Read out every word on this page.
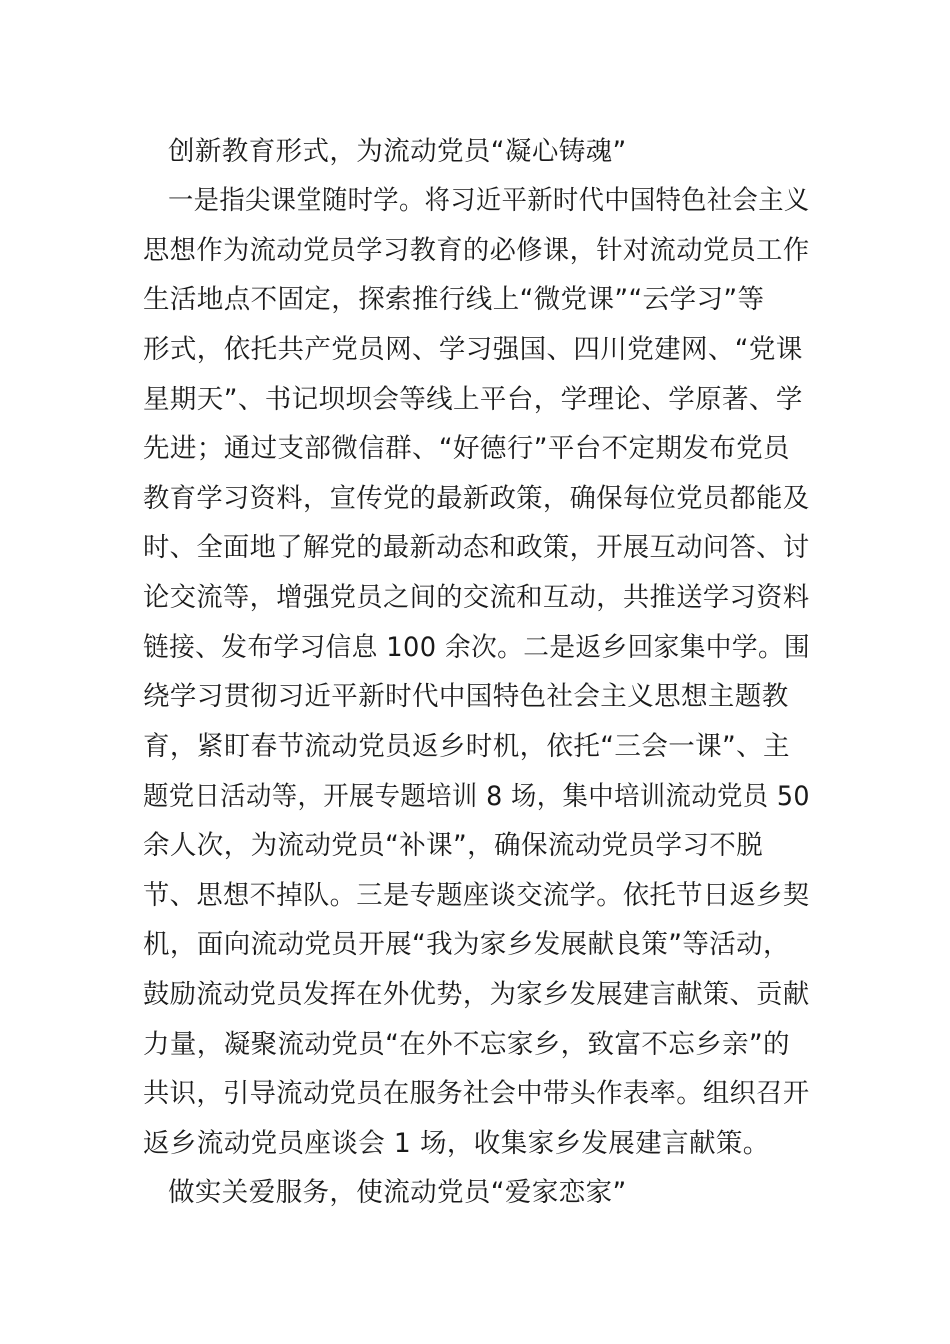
创新教育形式，为流动党员“凝心铸魂”
一是指尖课堂随时学。将习近平新时代中国特色社会主义
思想作为流动党员学习教育的必修课，针对流动党员工作
生活地点不固定，探索推行线上“微党课”“云学习”等
形式，依托共产党员网、学习强国、四川党建网、“党课
星期天”、书记坝坝会等线上平台，学理论、学原著、学
先进；通过支部微信群、“好德行”平台不定期发布党员
教育学习资料，宣传党的最新政策，确保每位党员都能及
时、全面地了解党的最新动态和政策，开展互动问答、讨
论交流等，增强党员之间的交流和互动，共推送学习资料
链接、发布学习信息 100 余次。二是返乡回家集中学。围
绕学习贯彻习近平新时代中国特色社会主义思想主题教
育，紧盯春节流动党员返乡时机，依托“三会一课”、主
题党日活动等，开展专题培训 8 场，集中培训流动党员 50
余人次，为流动党员“补课”，确保流动党员学习不脱
节、思想不掉队。三是专题座谈交流学。依托节日返乡契
机，面向流动党员开展“我为家乡发展献良策”等活动，
鼓励流动党员发挥在外优势，为家乡发展建言献策、贡献
力量，凝聚流动党员“在外不忘家乡，致富不忘乡亲”的
共识，引导流动党员在服务社会中带头作表率。组织召开
返乡流动党员座谈会 1 场，收集家乡发展建言献策。
做实关爱服务，使流动党员“爱家恋家”
